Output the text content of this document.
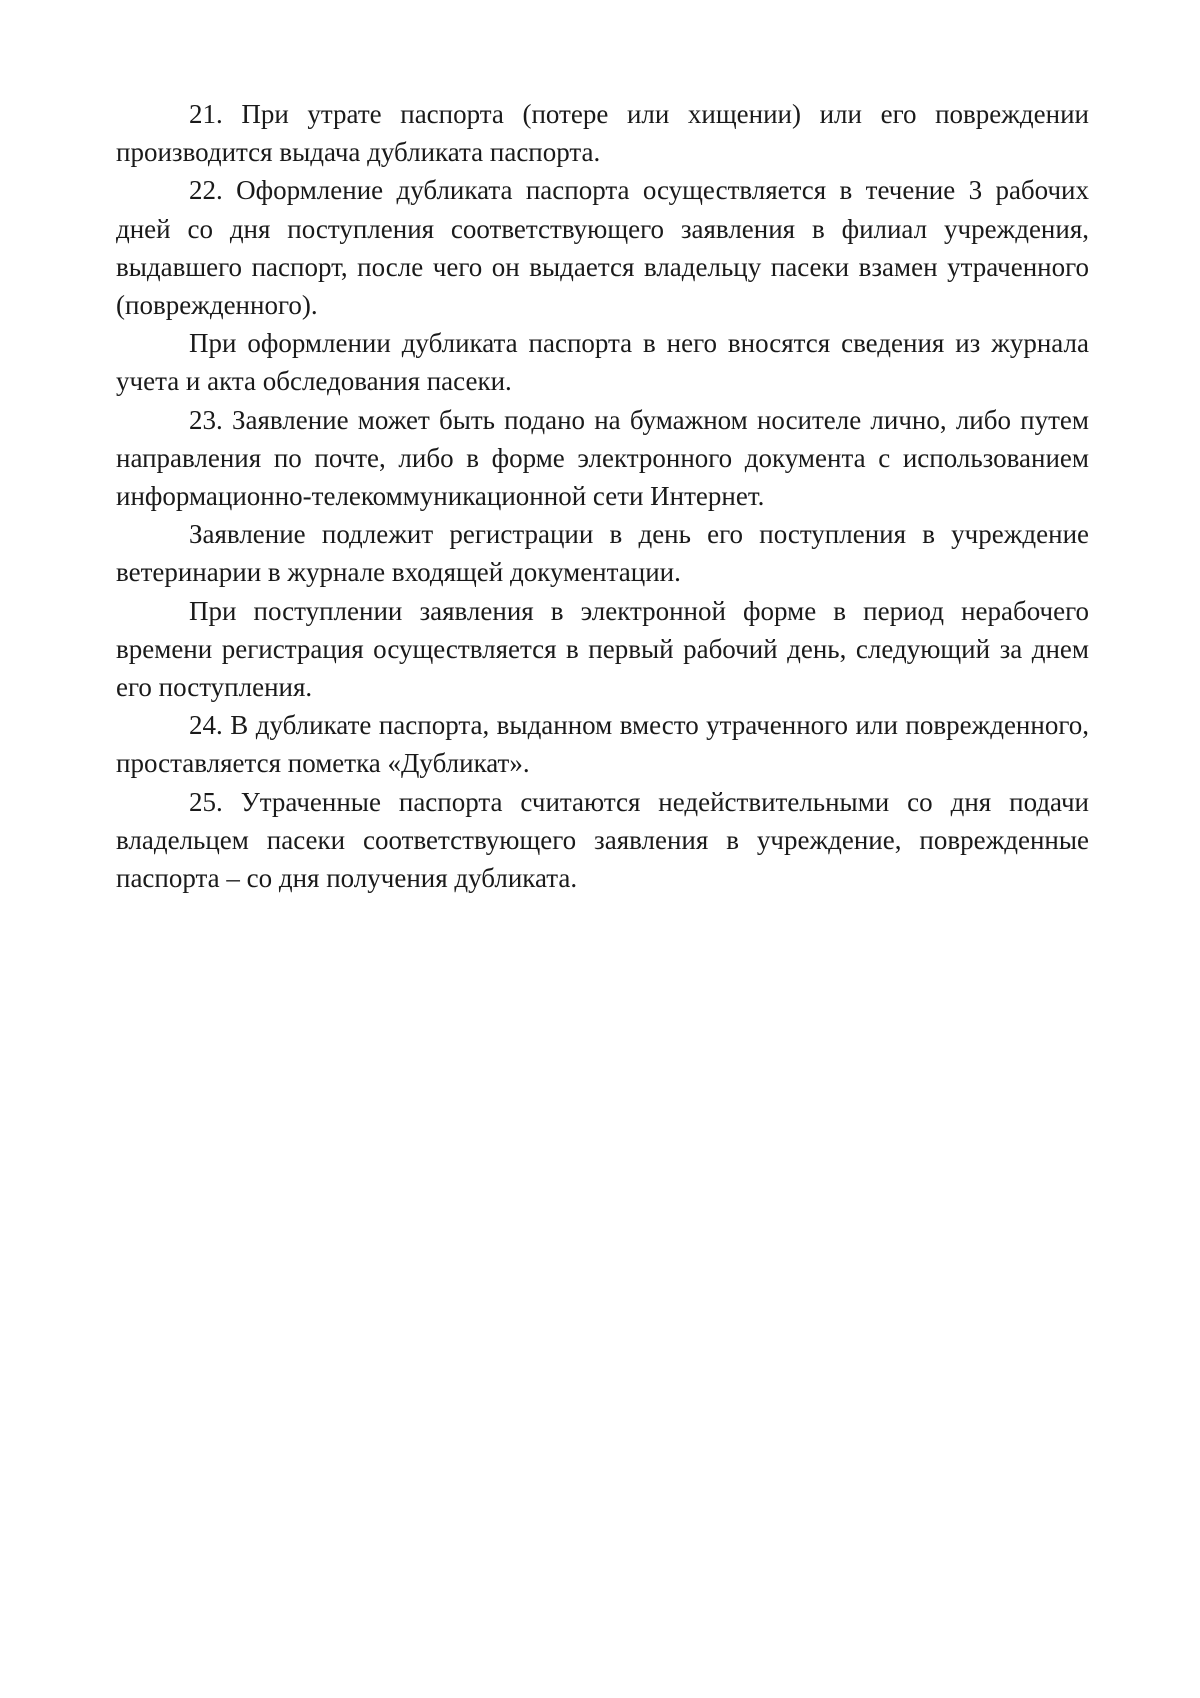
21. При утрате паспорта (потере или хищении) или его повреждении производится выдача дубликата паспорта.

22. Оформление дубликата паспорта осуществляется в течение 3 рабочих дней со дня поступления соответствующего заявления в филиал учреждения, выдавшего паспорт, после чего он выдается владельцу пасеки взамен утраченного (поврежденного).

При оформлении дубликата паспорта в него вносятся сведения из журнала учета и акта обследования пасеки.

23. Заявление может быть подано на бумажном носителе лично, либо путем направления по почте, либо в форме электронного документа с использованием информационно-телекоммуникационной сети Интернет.

Заявление подлежит регистрации в день его поступления в учреждение ветеринарии в журнале входящей документации.

При поступлении заявления в электронной форме в период нерабочего времени регистрация осуществляется в первый рабочий день, следующий за днем его поступления.

24. В дубликате паспорта, выданном вместо утраченного или поврежденного, проставляется пометка «Дубликат».

25. Утраченные паспорта считаются недействительными со дня подачи владельцем пасеки соответствующего заявления в учреждение, поврежденные паспорта – со дня получения дубликата.
